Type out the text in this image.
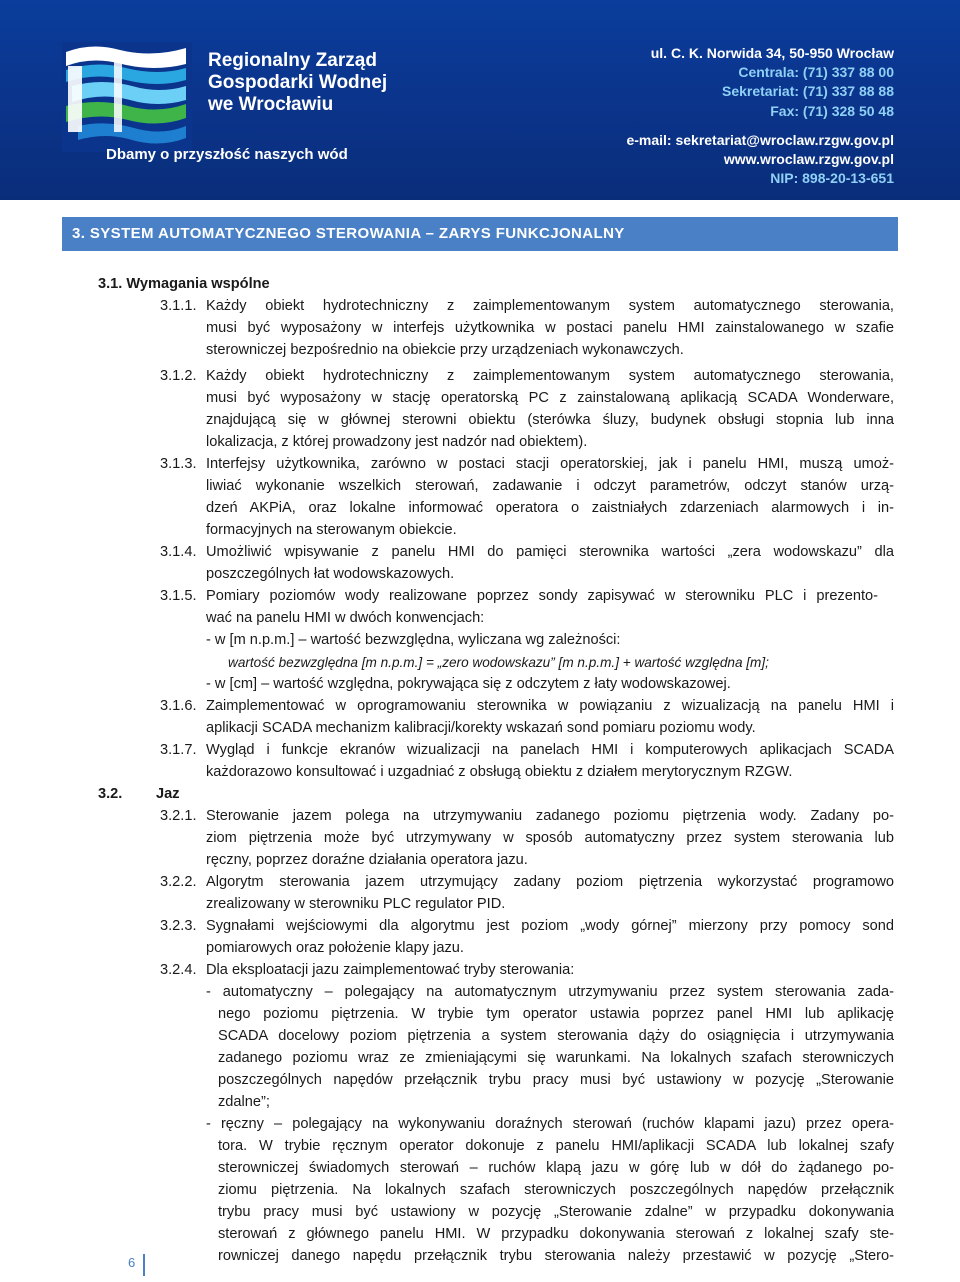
Regionalny Zarząd
Gospodarki Wodnej
we Wrocławiu
Dbamy o przyszłość naszych wód
ul. C. K. Norwida 34, 50-950 Wrocław
Centrala: (71) 337 88 00
Sekretariat: (71) 337 88 88
Fax: (71) 328 50 48
e-mail: sekretariat@wroclaw.rzgw.gov.pl
www.wroclaw.rzgw.gov.pl
NIP: 898-20-13-651
3. SYSTEM AUTOMATYCZNEGO STEROWANIA – ZARYS FUNKCJONALNY
3.1. Wymagania wspólne
3.1.1. Każdy obiekt hydrotechniczny z zaimplementowanym system automatycznego sterowania,
musi być wyposażony w interfejs użytkownika w postaci panelu HMI zainstalowanego w szafie
sterowniczej bezpośrednio na obiekcie przy urządzeniach wykonawczych.
3.1.2. Każdy obiekt hydrotechniczny z zaimplementowanym system automatycznego sterowania,
musi być wyposażony w stację operatorską PC z zainstalowaną aplikacją SCADA Wonderware,
znajdującą się w głównej sterowni obiektu (sterówka śluzy, budynek obsługi stopnia lub inna
lokalizacja, z której prowadzony jest nadzór nad obiektem).
3.1.3. Interfejsy użytkownika, zarówno w postaci stacji operatorskiej, jak i panelu HMI, muszą umoż-
liwiać wykonanie wszelkich sterowań, zadawanie i odczyt parametrów, odczyt stanów urzą-
dzeń AKPiA, oraz lokalne informować operatora o zaistniałych zdarzeniach alarmowych i in-
formacyjnych na sterowanym obiekcie.
3.1.4. Umożliwić wpisywanie z panelu HMI do pamięci sterownika wartości „zera wodowskazu” dla
poszczególnych łat wodowskazowych.
3.1.5. Pomiary poziomów wody realizowane poprzez sondy zapisywać w sterowniku PLC i prezento-
wać na panelu HMI w dwóch konwencjach:
- w [m n.p.m.] – wartość bezwzględna, wyliczana wg zależności:
wartość bezwzględna [m n.p.m.] = „zero wodowskazu” [m n.p.m.] + wartość względna [m];
- w [cm] – wartość względna, pokrywająca się z odczytem z łaty wodowskazowej.
3.1.6. Zaimplementować w oprogramowaniu sterownika w powiązaniu z wizualizacją na panelu HMI i
aplikacji SCADA mechanizm kalibracji/korekty wskazań sond pomiaru poziomu wody.
3.1.7. Wygląd i funkcje ekranów wizualizacji na panelach HMI i komputerowych aplikacjach SCADA
każdorazowo konsultować i uzgadniać z obsługą obiektu z działem merytorycznym RZGW.
3.2. Jaz
3.2.1. Sterowanie jazem polega na utrzymywaniu zadanego poziomu piętrzenia wody. Zadany po-
ziom piętrzenia może być utrzymywany w sposób automatyczny przez system sterowania lub
ręczny, poprzez doraźne działania operatora jazu.
3.2.2. Algorytm sterowania jazem utrzymujący zadany poziom piętrzenia wykorzystać programowo
zrealizowany w sterowniku PLC regulator PID.
3.2.3. Sygnałami wejściowymi dla algorytmu jest poziom „wody górnej” mierzony przy pomocy sond
pomiarowych oraz położenie klapy jazu.
3.2.4. Dla eksploatacji jazu zaimplementować tryby sterowania:
- automatyczny – polegający na automatycznym utrzymywaniu przez system sterowania zada-
nego poziomu piętrzenia. W trybie tym operator ustawia poprzez panel HMI lub aplikację
SCADA docelowy poziom piętrzenia a system sterowania dąży do osiągnięcia i utrzymywania
zadanego poziomu wraz ze zmieniającymi się warunkami. Na lokalnych szafach sterowniczych
poszczególnych napędów przełącznik trybu pracy musi być ustawiony w pozycję „Sterowanie
zdalne”;
- ręczny – polegający na wykonywaniu doraźnych sterowań (ruchów klapami jazu) przez opera-
tora. W trybie ręcznym operator dokonuje z panelu HMI/aplikacji SCADA lub lokalnej szafy
sterowniczej świadomych sterowań – ruchów klapą jazu w górę lub w dół do żądanego po-
ziomu piętrzenia. Na lokalnych szafach sterowniczych poszczególnych napędów przełącznik
trybu pracy musi być ustawiony w pozycję „Sterowanie zdalne” w przypadku dokonywania
sterowań z głównego panelu HMI. W przypadku dokonywania sterowań z lokalnej szafy ste-
rowniczej danego napędu przełącznik trybu sterowania należy przestawić w pozycję „Stero-
6
